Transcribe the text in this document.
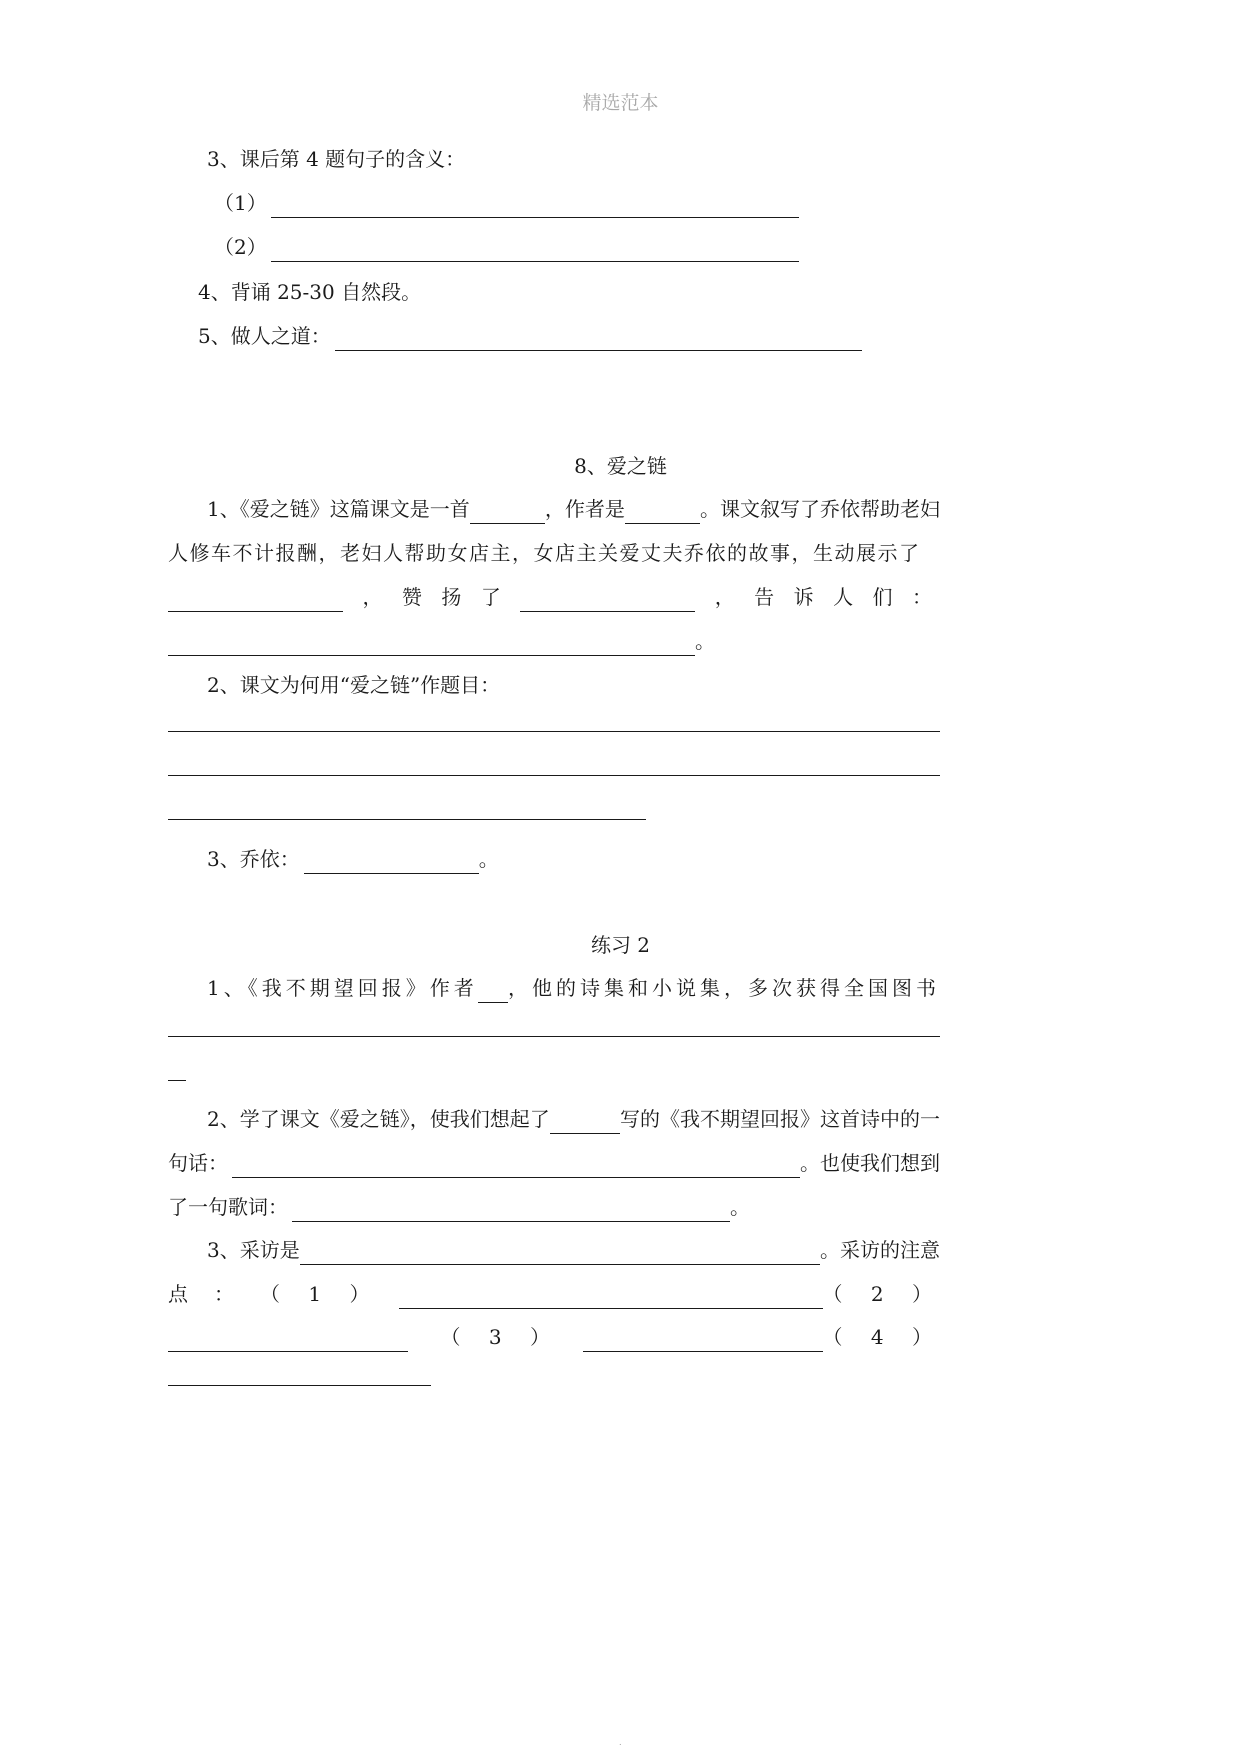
精选范本
3、课后第 4 题句子的含义：
（1）
（2）
4、背诵 25-30 自然段。
5、做人之道：
8、爱之链
1、《爱之链》这篇课文是一首	，作者是	。课文叙写了乔依帮助老妇
人修车不计报酬，老妇人帮助女店主，女店主关爱丈夫乔依的故事，生动展示了
， 赞 扬 了	， 告 诉 人 们 ：
。
2、课文为何用“爱之链”作题目：
3、乔依：	。
练习 2
1、《我不期望回报》作者 ，他的诗集和小说集，多次获得全国图书
2、学了课文《爱之链》，使我们想起了	写的《我不期望回报》这首诗中的一
句话：	。也使我们想到
了一句歌词：	。
3、采访是	。采访的注意
点 ： （ 1 ）	（ 2 ）
（ 3 ）	（ 4 ）
.
